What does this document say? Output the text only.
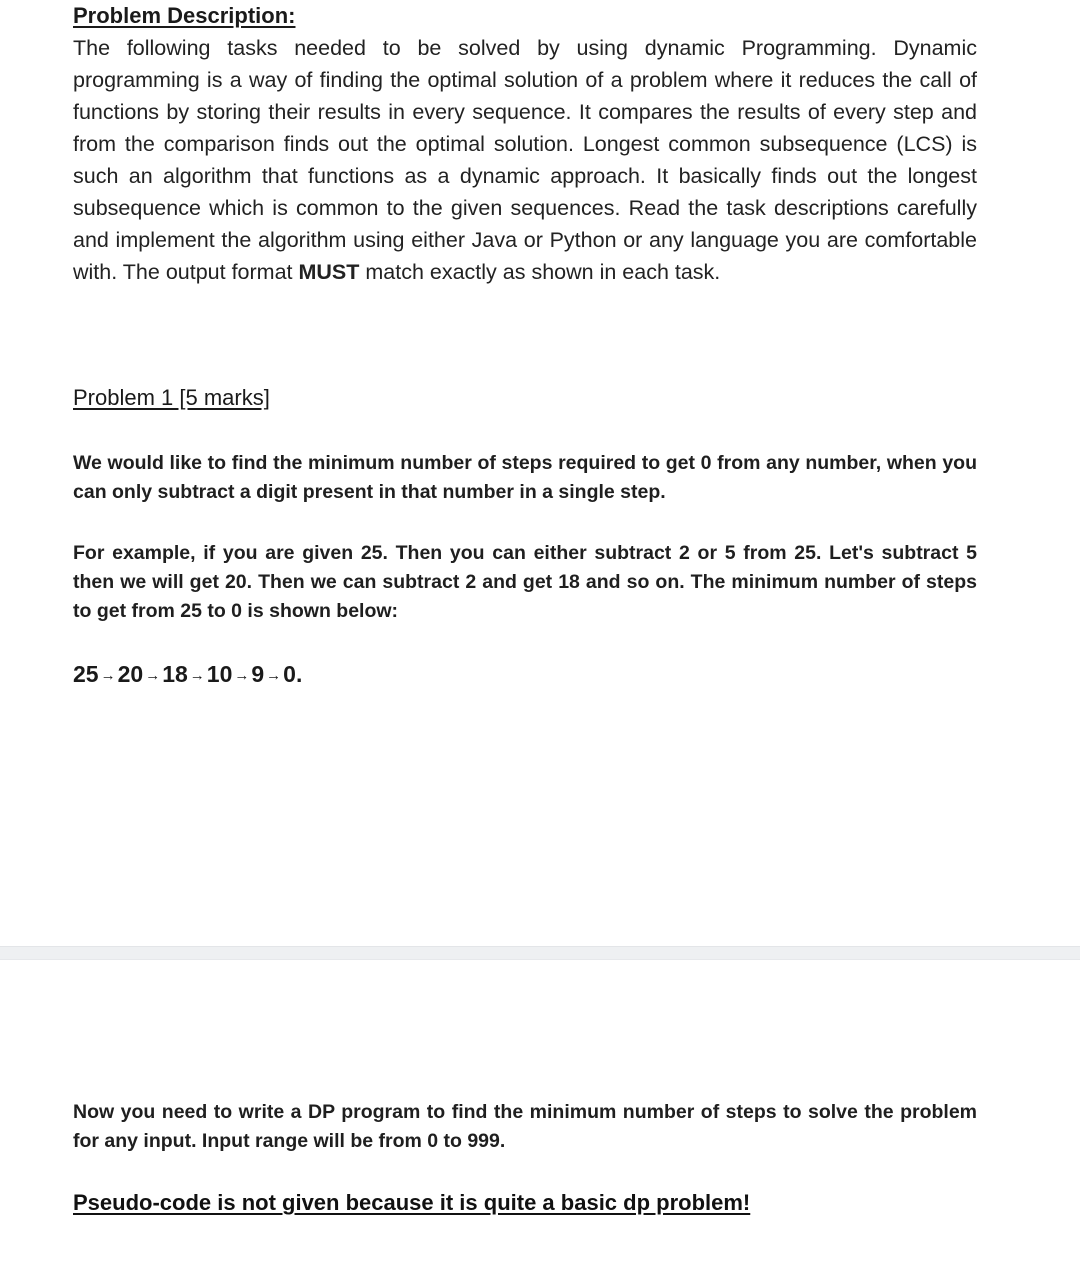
Problem Description:

The following tasks needed to be solved by using dynamic Programming. Dynamic programming is a way of finding the optimal solution of a problem where it reduces the call of functions by storing their results in every sequence. It compares the results of every step and from the comparison finds out the optimal solution. Longest common subsequence (LCS) is such an algorithm that functions as a dynamic approach. It basically finds out the longest subsequence which is common to the given sequences. Read the task descriptions carefully and implement the algorithm using either Java or Python or any language you are comfortable with. The output format MUST match exactly as shown in each task.

Problem 1 [5 marks]

We would like to find the minimum number of steps required to get 0 from any number, when you can only subtract a digit present in that number in a single step.

For example, if you are given 25. Then you can either subtract 2 or 5 from 25. Let's subtract 5 then we will get 20. Then we can subtract 2 and get 18 and so on. The minimum number of steps to get from 25 to 0 is shown below:

25 →20 →18 →10 →9 →0.

Now you need to write a DP program to find the minimum number of steps to solve the problem for any input. Input range will be from 0 to 999.

Pseudo-code is not given because it is quite a basic dp problem!
